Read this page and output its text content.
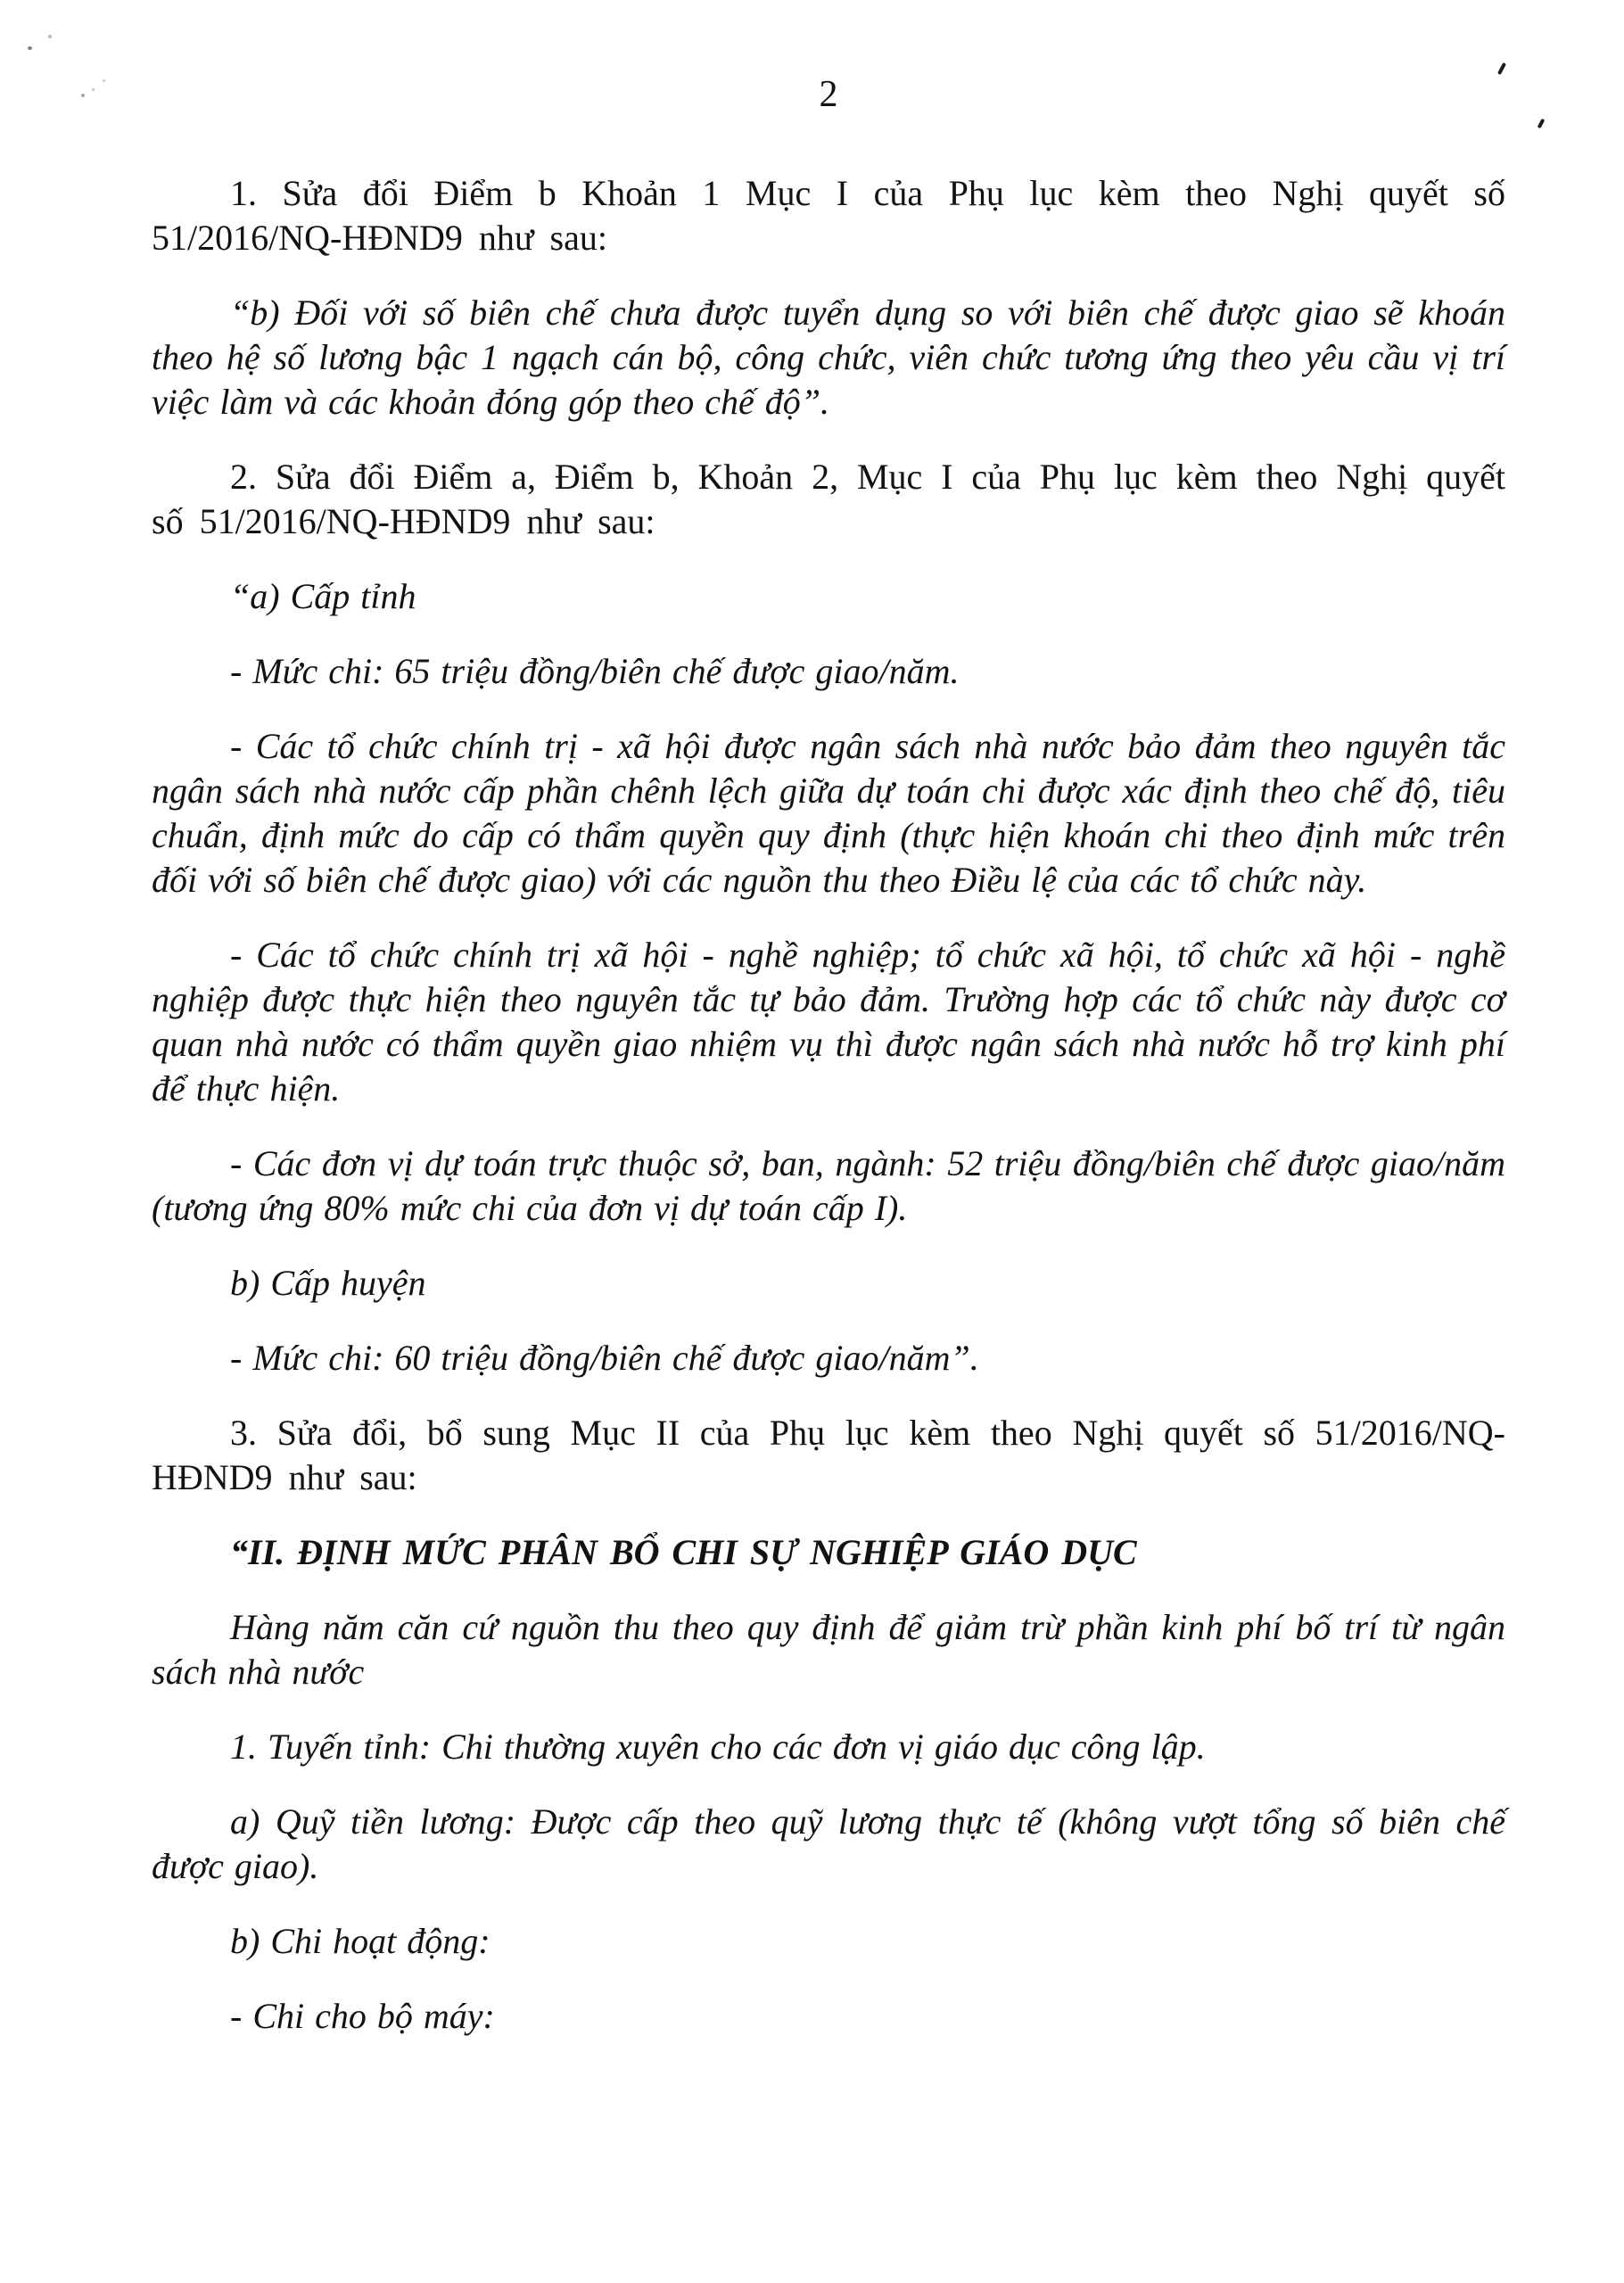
2

1. Sửa đổi Điểm b Khoản 1 Mục I của Phụ lục kèm theo Nghị quyết số 51/2016/NQ-HĐND9 như sau:

“b) Đối với số biên chế chưa được tuyển dụng so với biên chế được giao sẽ khoán theo hệ số lương bậc 1 ngạch cán bộ, công chức, viên chức tương ứng theo yêu cầu vị trí việc làm và các khoản đóng góp theo chế độ”.

2. Sửa đổi Điểm a, Điểm b, Khoản 2, Mục I của Phụ lục kèm theo Nghị quyết số 51/2016/NQ-HĐND9 như sau:

“a) Cấp tỉnh

- Mức chi: 65 triệu đồng/biên chế được giao/năm.

- Các tổ chức chính trị - xã hội được ngân sách nhà nước bảo đảm theo nguyên tắc ngân sách nhà nước cấp phần chênh lệch giữa dự toán chi được xác định theo chế độ, tiêu chuẩn, định mức do cấp có thẩm quyền quy định (thực hiện khoán chi theo định mức trên đối với số biên chế được giao) với các nguồn thu theo Điều lệ của các tổ chức này.

- Các tổ chức chính trị xã hội - nghề nghiệp; tổ chức xã hội, tổ chức xã hội - nghề nghiệp được thực hiện theo nguyên tắc tự bảo đảm. Trường hợp các tổ chức này được cơ quan nhà nước có thẩm quyền giao nhiệm vụ thì được ngân sách nhà nước hỗ trợ kinh phí để thực hiện.

- Các đơn vị dự toán trực thuộc sở, ban, ngành: 52 triệu đồng/biên chế được giao/năm (tương ứng 80% mức chi của đơn vị dự toán cấp I).

b) Cấp huyện

- Mức chi: 60 triệu đồng/biên chế được giao/năm”.

3. Sửa đổi, bổ sung Mục II của Phụ lục kèm theo Nghị quyết số 51/2016/NQ-HĐND9 như sau:

“II. ĐỊNH MỨC PHÂN BỔ CHI SỰ NGHIỆP GIÁO DỤC

Hàng năm căn cứ nguồn thu theo quy định để giảm trừ phần kinh phí bố trí từ ngân sách nhà nước

1. Tuyến tỉnh: Chi thường xuyên cho các đơn vị giáo dục công lập.

a) Quỹ tiền lương: Được cấp theo quỹ lương thực tế (không vượt tổng số biên chế được giao).

b) Chi hoạt động:

- Chi cho bộ máy:
